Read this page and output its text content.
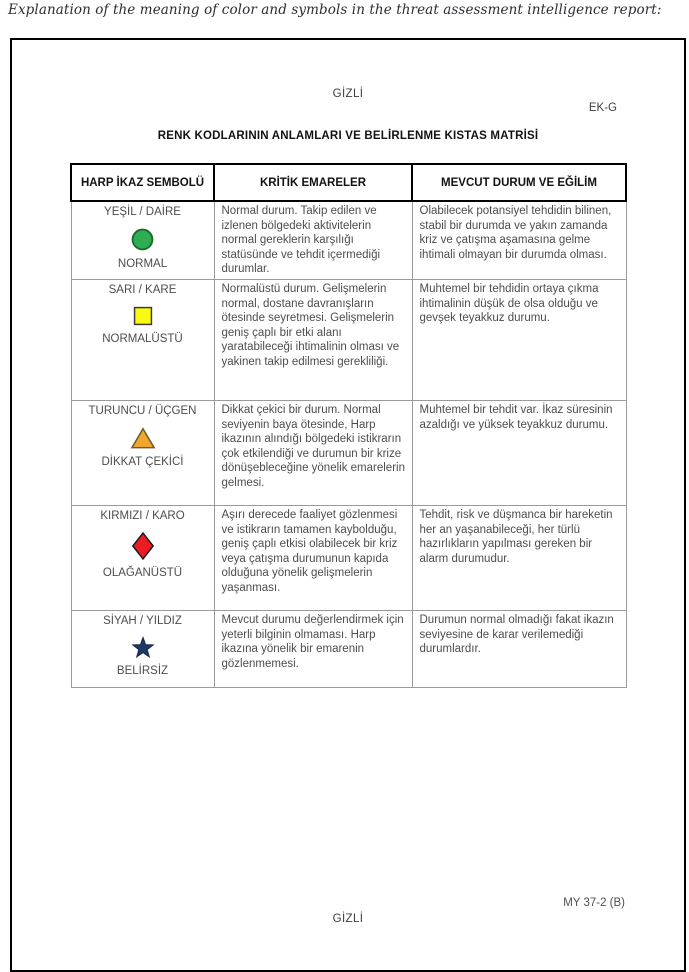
Explanation of the meaning of color and symbols in the threat assessment intelligence report:
GİZLİ
EK-G
RENK KODLARININ ANLAMLARI VE BELİRLENME KISTAS MATRİSİ
HARP İKAZ SEMBOLÜ	KRİTİK EMARELER	MEVCUT DURUM VE EĞİLİM

YEŞİL / DAİRE
NORMAL	Normal durum. Takip edilen ve izlenen bölgedeki aktivitelerin normal gereklerin karşılığı statüsünde ve tehdit içermediği durumlar.	Olabilecek potansiyel tehdidin bilinen, stabil bir durumda ve yakın zamanda kriz ve çatışma aşamasına gelme ihtimali olmayan bir durumda olması.

SARI / KARE
NORMALÜSTÜ	Normalüstü durum. Gelişmelerin normal, dostane davranışların ötesinde seyretmesi. Gelişmelerin geniş çaplı bir etki alanı yaratabileceği ihtimalinin olması ve yakinen takip edilmesi gerekliliği.	Muhtemel bir tehdidin ortaya çıkma ihtimalinin düşük de olsa olduğu ve gevşek teyakkuz durumu.

TURUNCU / ÜÇGEN
DİKKAT ÇEKİCİ	Dikkat çekici bir durum. Normal seviyenin baya ötesinde, Harp ikazının alındığı bölgedeki istikrarın çok etkilendiği ve durumun bir krize dönüşebleceğine yönelik emarelerin gelmesi.	Muhtemel bir tehdit var. İkaz süresinin azaldığı ve yüksek teyakkuz durumu.

KIRMIZI / KARO
OLAĞANÜSTÜ	Aşırı derecede faaliyet gözlenmesi ve istikrarın tamamen kaybolduğu, geniş çaplı etkisi olabilecek bir kriz veya çatışma durumunun kapıda olduğuna yönelik gelişmelerin yaşanması.	Tehdit, risk ve düşmanca bir hareketin her an yaşanabileceği, her türlü hazırlıkların yapılması gereken bir alarm durumudur.

SİYAH / YILDIZ
BELİRSİZ	Mevcut durumu değerlendirmek için yeterli bilginin olmaması. Harp ikazına yönelik bir emarenin gözlenmemesi.	Durumun normal olmadığı fakat ikazın seviyesine de karar verilemediği durumlardır.
MY 37-2 (B)
GİZLİ
